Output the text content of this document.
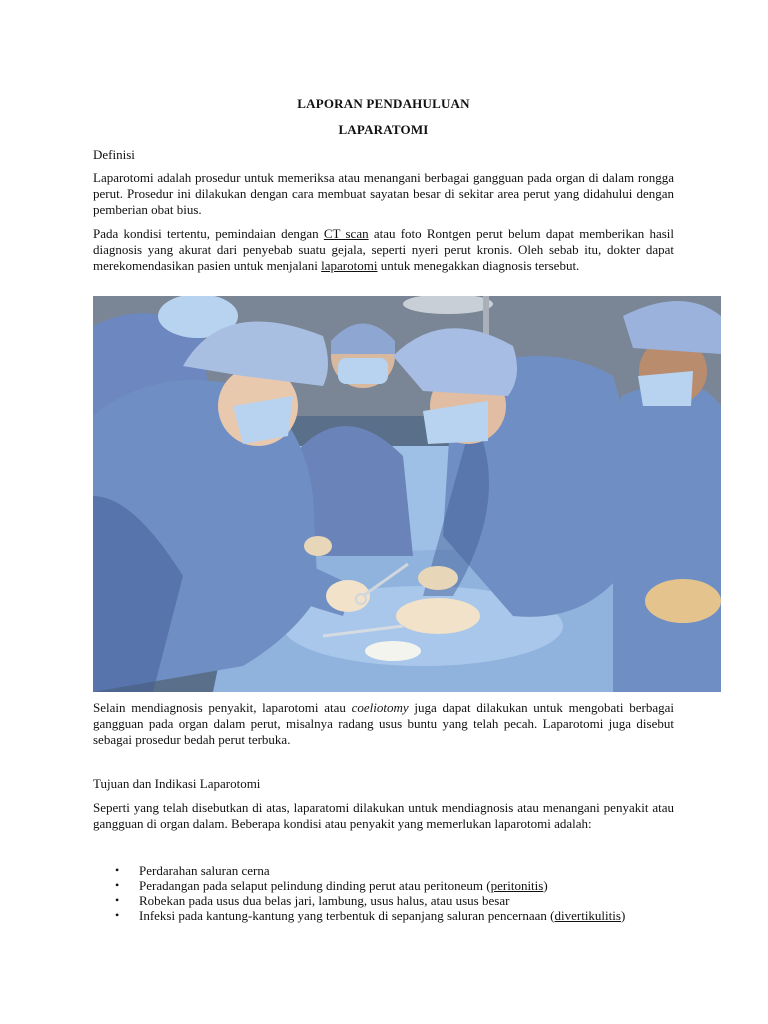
LAPORAN PENDAHULUAN
LAPARATOMI
Definisi

Laparotomi adalah prosedur untuk memeriksa atau menangani berbagai gangguan pada organ di dalam rongga perut. Prosedur ini dilakukan dengan cara membuat sayatan besar di sekitar area perut yang didahului dengan pemberian obat bius.

Pada kondisi tertentu, pemindaian dengan CT scan atau foto Rontgen perut belum dapat memberikan hasil diagnosis yang akurat dari penyebab suatu gejala, seperti nyeri perut kronis. Oleh sebab itu, dokter dapat merekomendasikan pasien untuk menjalani laparotomi untuk menegakkan diagnosis tersebut.

Selain mendiagnosis penyakit, laparotomi atau coeliotomy juga dapat dilakukan untuk mengobati berbagai gangguan pada organ dalam perut, misalnya radang usus buntu yang telah pecah. Laparotomi juga disebut sebagai prosedur bedah perut terbuka.

Tujuan dan Indikasi Laparotomi

Seperti yang telah disebutkan di atas, laparatomi dilakukan untuk mendiagnosis atau menangani penyakit atau gangguan di organ dalam. Beberapa kondisi atau penyakit yang memerlukan laparotomi adalah:

• Perdarahan saluran cerna
• Peradangan pada selaput pelindung dinding perut atau peritoneum (peritonitis)
• Robekan pada usus dua belas jari, lambung, usus halus, atau usus besar
• Infeksi pada kantung-kantung yang terbentuk di sepanjang saluran pencernaan (divertikulitis)
